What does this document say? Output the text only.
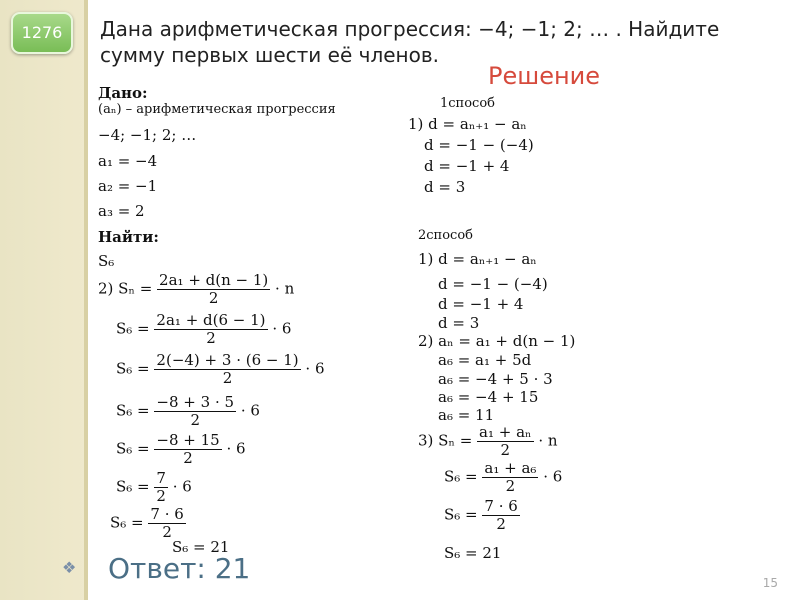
1276	Дана арифметическая прогрессия: −4; −1; 2; … . Найдите сумму первых шести её членов.
Решение
Дано:
(aₙ) – арифметическая прогрессия
−4; −1; 2; …
a₁ = −4
a₂ = −1
a₃ = 2
Найти:
S₆
2) $S_n = \frac{\text{2a₁ + d(n − 1)}}{2} \cdot n$
$S_6 = \frac{\text{2a₁ + d(6 − 1)}}{2} \cdot 6$
$S_6 = \frac{2(-4) + 3 \cdot (6 - 1)}{2} \cdot 6$
$S_6 = \frac{-8 + 3 \cdot 5}{2} \cdot 6$
$S_6 = \frac{-8 + 15}{2} \cdot 6$
$S_6 = \frac{7}{2} \cdot 6$
$S_6 = \frac{7 \cdot 6}{2}$
S₆ = 21
1способ
1) d = aₙ₊₁ − aₙ
d = −1 − (−4)
d = −1 + 4
d = 3
2способ
1) d = aₙ₊₁ − aₙ
d = −1 − (−4)
d = −1 + 4
d = 3
2) aₙ = a₁ + d(n − 1)
a₆ = a₁ + 5d
a₆ = −4 + 5 · 3
a₆ = −4 + 15
a₆ = 11
3) $S_n = \frac{\text{a₁ + aₙ}}{2} \cdot n$
$S_6 = \frac{\text{a₁ + a₆}}{2} \cdot 6$
$S_6 = \frac{7 \cdot 6}{2}$
S₆ = 21
❖ Ответ: 21	15
